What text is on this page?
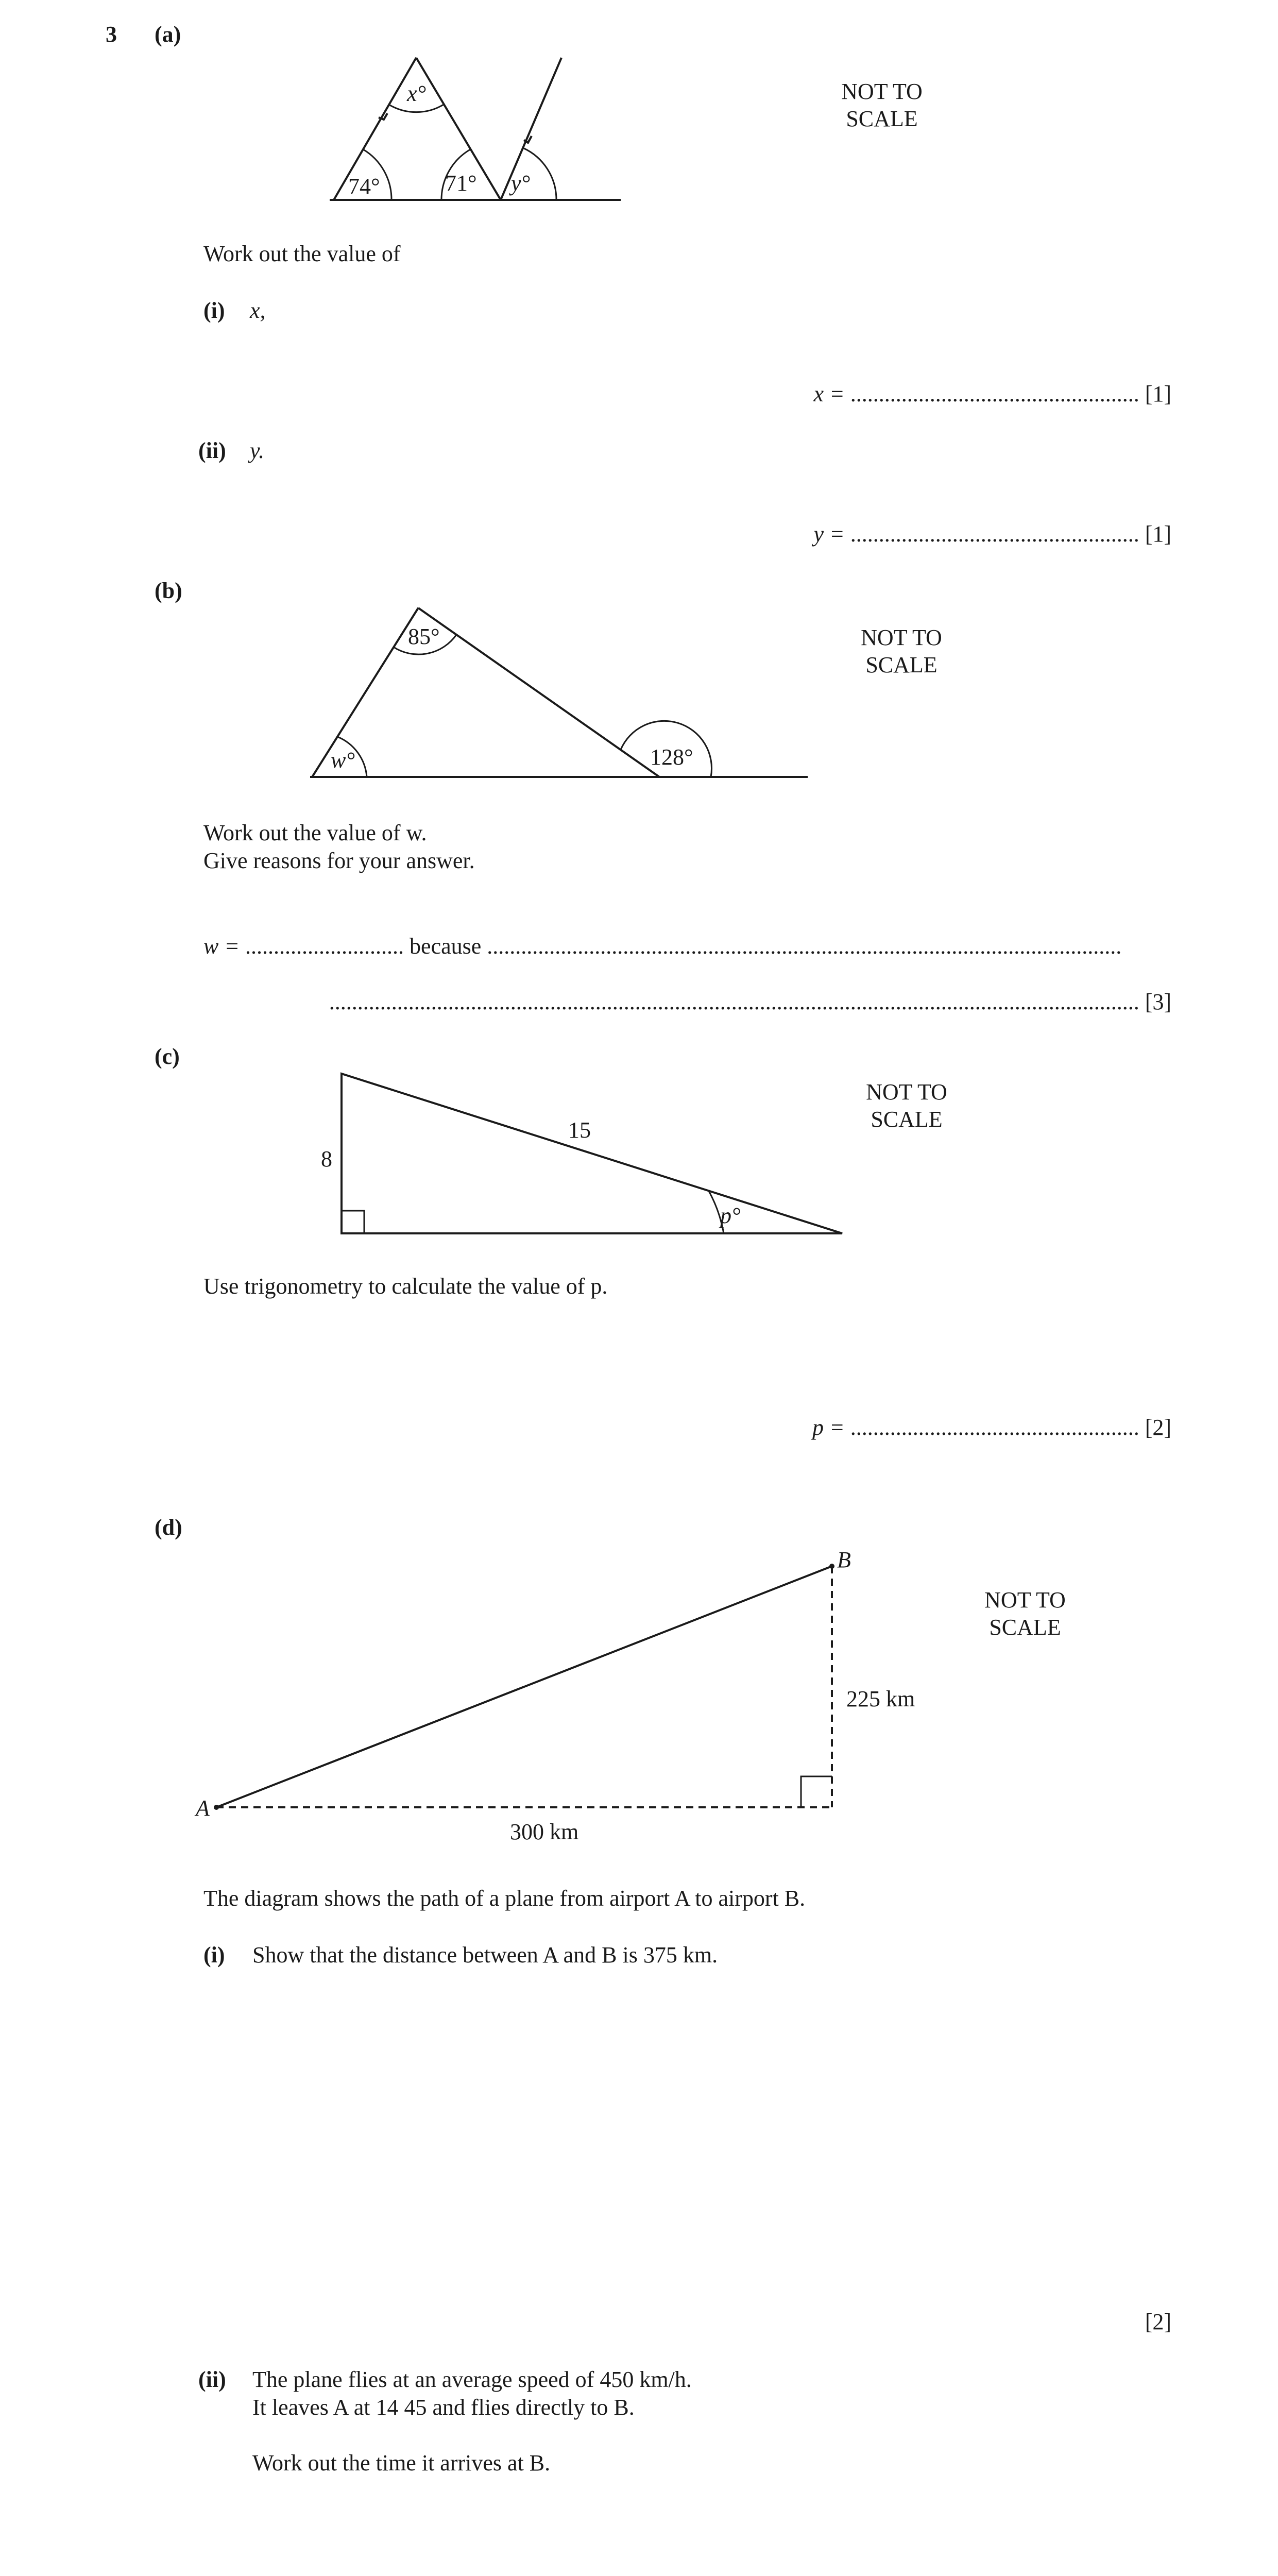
3 (a)
x°
74°	71° y°
NOT TO
SCALE
Work out the value of
(i) x,
x = ................................................... [1]
(ii) y.
y = ................................................... [1]
(b)
85°
w°	128°
NOT TO
SCALE
Work out the value of w.
Give reasons for your answer.
w = ............................ because ................................................................................................................
............................................................................................................................................... [3]
(c)
8
15
p°
NOT TO
SCALE
Use trigonometry to calculate the value of p.
p = ................................................... [2]
(d)
A
B
300 km
225 km
NOT TO
SCALE
The diagram shows the path of a plane from airport A to airport B.
(i) Show that the distance between A and B is 375 km.
[2]
(ii) The plane flies at an average speed of 450 km/h.
It leaves A at 14 45 and flies directly to B.
Work out the time it arrives at B.
